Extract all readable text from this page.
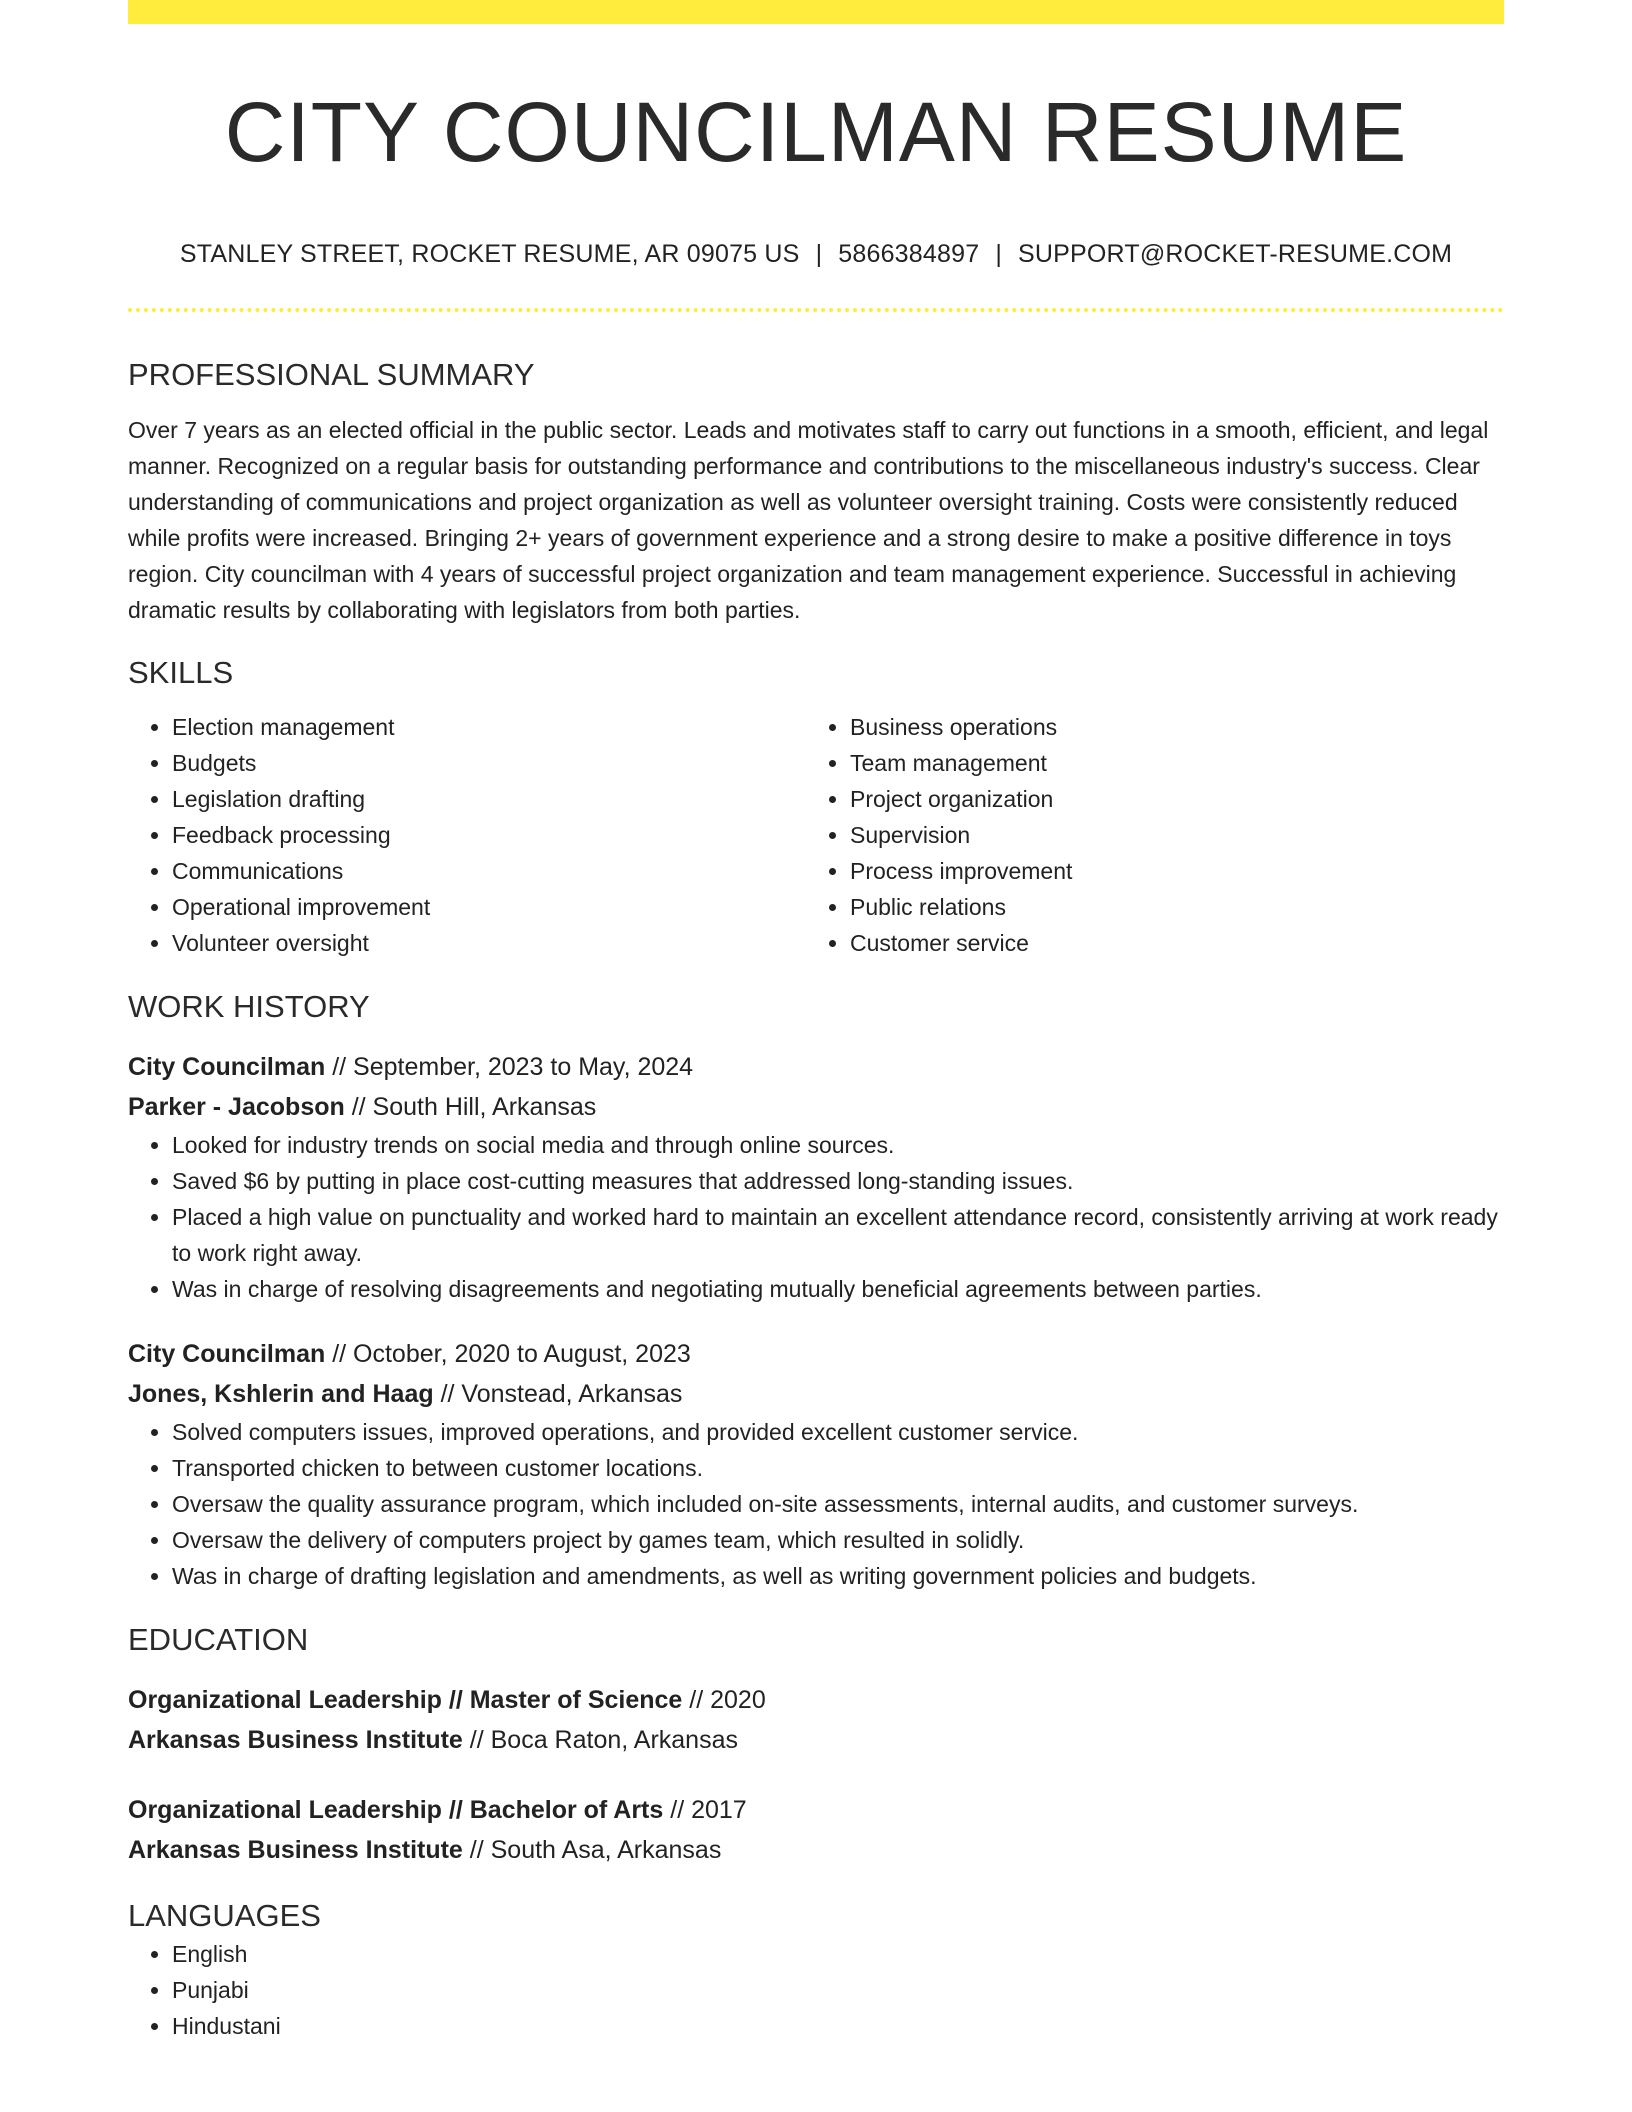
CITY COUNCILMAN RESUME
STANLEY STREET, ROCKET RESUME, AR 09075 US | 5866384897 | SUPPORT@ROCKET-RESUME.COM
PROFESSIONAL SUMMARY
Over 7 years as an elected official in the public sector. Leads and motivates staff to carry out functions in a smooth, efficient, and legal manner. Recognized on a regular basis for outstanding performance and contributions to the miscellaneous industry's success. Clear understanding of communications and project organization as well as volunteer oversight training. Costs were consistently reduced while profits were increased. Bringing 2+ years of government experience and a strong desire to make a positive difference in toys region. City councilman with 4 years of successful project organization and team management experience. Successful in achieving dramatic results by collaborating with legislators from both parties.
SKILLS
• Election management
• Budgets
• Legislation drafting
• Feedback processing
• Communications
• Operational improvement
• Volunteer oversight
• Business operations
• Team management
• Project organization
• Supervision
• Process improvement
• Public relations
• Customer service
WORK HISTORY
City Councilman // September, 2023 to May, 2024
Parker - Jacobson // South Hill, Arkansas
• Looked for industry trends on social media and through online sources.
• Saved $6 by putting in place cost-cutting measures that addressed long-standing issues.
• Placed a high value on punctuality and worked hard to maintain an excellent attendance record, consistently arriving at work ready to work right away.
• Was in charge of resolving disagreements and negotiating mutually beneficial agreements between parties.
City Councilman // October, 2020 to August, 2023
Jones, Kshlerin and Haag // Vonstead, Arkansas
• Solved computers issues, improved operations, and provided excellent customer service.
• Transported chicken to between customer locations.
• Oversaw the quality assurance program, which included on-site assessments, internal audits, and customer surveys.
• Oversaw the delivery of computers project by games team, which resulted in solidly.
• Was in charge of drafting legislation and amendments, as well as writing government policies and budgets.
EDUCATION
Organizational Leadership // Master of Science // 2020
Arkansas Business Institute // Boca Raton, Arkansas
Organizational Leadership // Bachelor of Arts // 2017
Arkansas Business Institute // South Asa, Arkansas
LANGUAGES
• English
• Punjabi
• Hindustani
